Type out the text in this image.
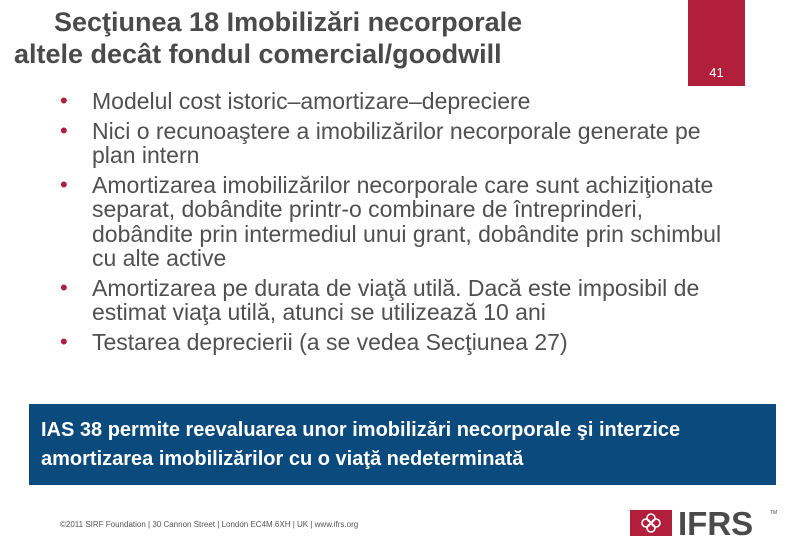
Secţiunea 18 Imobilizări necorporale
altele decât fondul comercial/goodwill
41
• Modelul cost istoric–amortizare–depreciere
• Nici o recunoaştere a imobilizărilor necorporale generate pe plan intern
• Amortizarea imobilizărilor necorporale care sunt achiziţionate separat, dobândite printr-o combinare de întreprinderi, dobândite prin intermediul unui grant, dobândite prin schimbul cu alte active
• Amortizarea pe durata de viaţă utilă. Dacă este imposibil de estimat viaţa utilă, atunci se utilizează 10 ani
• Testarea deprecierii (a se vedea Secţiunea 27)
IAS 38 permite reevaluarea unor imobilizări necorporale şi interzice amortizarea imobilizărilor cu o viaţă nedeterminată
©2011 SIRF Foundation | 30 Cannon Street | London EC4M 6XH | UK | www.ifrs.org	IFRS	TM
